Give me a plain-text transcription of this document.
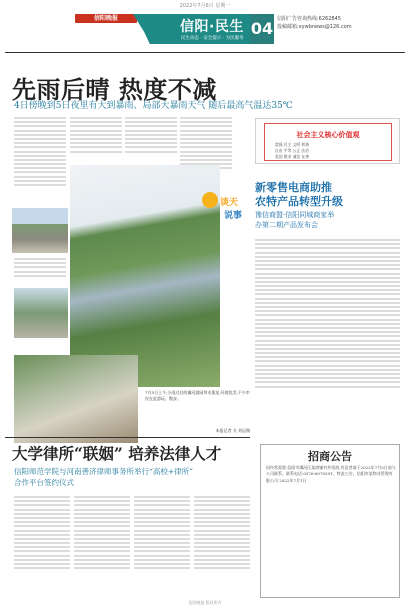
2022年7月6日 星期一
信阳晚报
信阳·民生
民生动态 · 安全提示 · 为民服务
04 信阳广告咨询热线:6262845
投稿邮箱:xywbnews@126.com
先雨后晴 热度不减
4日傍晚到5日夜里有大到暴雨、局部大暴雨天气 随后最高气温达35℃
谈天
说事
7月5日上午,小雨过后的浉河游园草木葱茏,环境优美,不少市民在此游玩、散步。
本报记者 关 刘远摄
社会主义核心价值观
富强 民主 文明 和谐
自由 平等 公正 法治
爱国 敬业 诚信 友善
新零售电商助推
农特产品转型升级
豫信商盟·信阳同城商家举
办第二期产品发布会
大学律所“联姻” 培养法律人才
信阳师范学院与河南善济律师事务所举行“高校+律所”
合作平台签约仪式
招商公告
因经营需要,信阳市浉河区某商铺对外招商,有意者请于2022年7月5日前与公司联系。联系电话:0376-6070391。特此公告。信阳市某物业管理有限公司 2022年7月1日
信阳晚报 版权所有
